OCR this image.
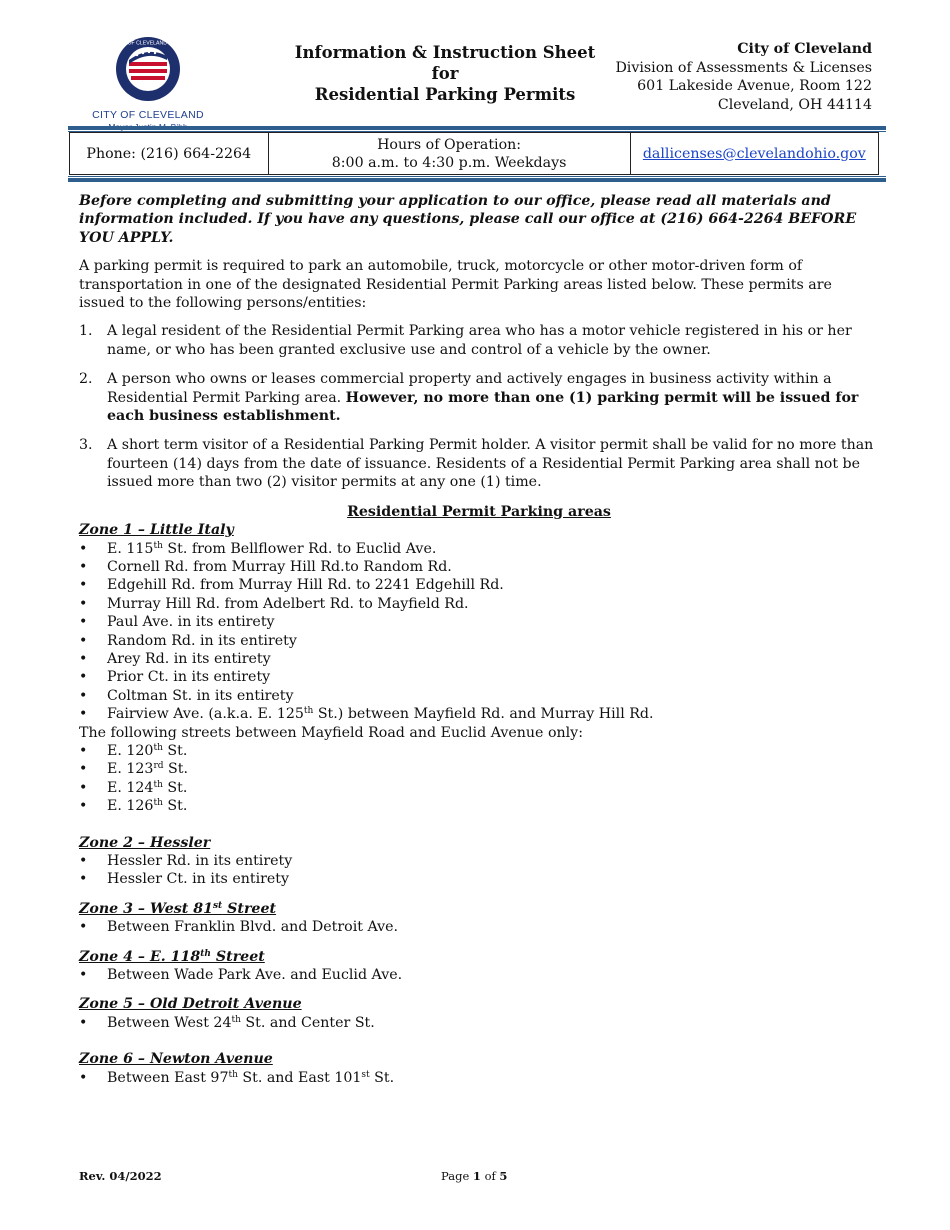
CITY OF CLEVELAND OHIO
CITY OF CLEVELAND
Information & Instruction Sheet
for
Residential Parking Permits
City of Cleveland
Division of Assessments & Licenses
601 Lakeside Avenue, Room 122
Cleveland, OH 44114
Phone: (216) 664-2264
Hours of Operation:
8:00 a.m. to 4:30 p.m. Weekdays
dallicenses@clevelandohio.gov

Before completing and submitting your application to our office, please read all materials and information included. If you have any questions, please call our office at (216) 664-2264 BEFORE YOU APPLY.

A parking permit is required to park an automobile, truck, motorcycle or other motor-driven form of transportation in one of the designated Residential Permit Parking areas listed below. These permits are issued to the following persons/entities:

1. A legal resident of the Residential Permit Parking area who has a motor vehicle registered in his or her name, or who has been granted exclusive use and control of a vehicle by the owner.
2. A person who owns or leases commercial property and actively engages in business activity within a Residential Permit Parking area. However, no more than one (1) parking permit will be issued for each business establishment.
3. A short term visitor of a Residential Parking Permit holder. A visitor permit shall be valid for no more than fourteen (14) days from the date of issuance. Residents of a Residential Permit Parking area shall not be issued more than two (2) visitor permits at any one (1) time.

Residential Permit Parking areas

Zone 1 – Little Italy

• E. 115th St. from Bellflower Rd. to Euclid Ave.
• Cornell Rd. from Murray Hill Rd.to Random Rd.
• Edgehill Rd. from Murray Hill Rd. to 2241 Edgehill Rd.
• Murray Hill Rd. from Adelbert Rd. to Mayfield Rd.
• Paul Ave. in its entirety
• Random Rd. in its entirety
• Arey Rd. in its entirety
• Prior Ct. in its entirety
• Coltman St. in its entirety
• Fairview Ave. (a.k.a. E. 125th St.) between Mayfield Rd. and Murray Hill Rd.

The following streets between Mayfield Road and Euclid Avenue only:

• E. 120th St.
• E. 123rd St.
• E. 124th St.
• E. 126th St.

Zone 2 – Hessler

• Hessler Rd. in its entirety
• Hessler Ct. in its entirety

Zone 3 – West 81st Street

• Between Franklin Blvd. and Detroit Ave.

Zone 4 – E. 118th Street

• Between Wade Park Ave. and Euclid Ave.

Zone 5 – Old Detroit Avenue

• Between West 24th St. and Center St.

Zone 6 – Newton Avenue

• Between East 97th St. and East 101st St.
Rev. 04/2022	Page 1 of 5
